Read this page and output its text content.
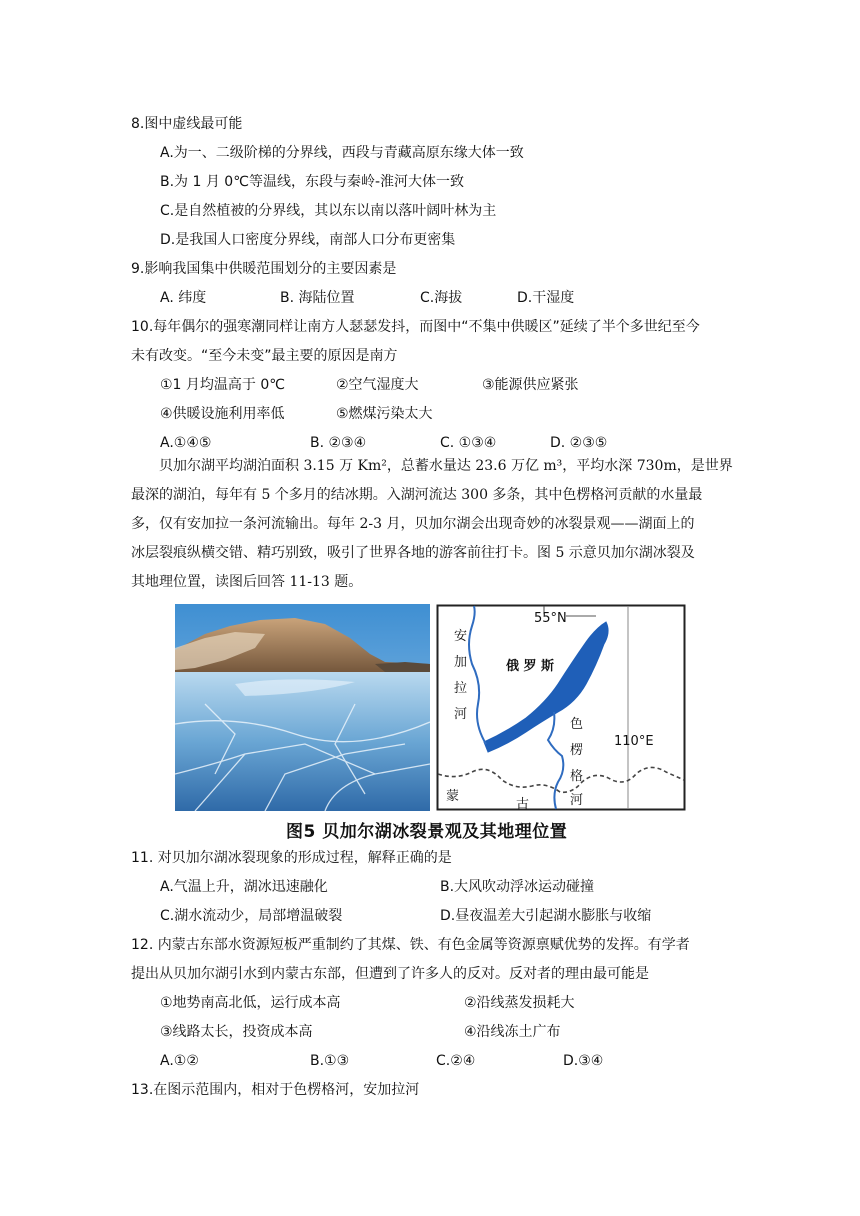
8.图中虚线最可能
A.为一、二级阶梯的分界线，西段与青藏高原东缘大体一致
B.为 1 月 0℃等温线，东段与秦岭-淮河大体一致
C.是自然植被的分界线，其以东以南以落叶阔叶林为主
D.是我国人口密度分界线，南部人口分布更密集
9.影响我国集中供暖范围划分的主要因素是
A. 纬度	B. 海陆位置	C.海拔	D.干湿度
10.每年偶尔的强寒潮同样让南方人瑟瑟发抖，而图中“不集中供暖区”延续了半个多世纪至今
未有改变。“至今未变”最主要的原因是南方
①1 月均温高于 0℃	②空气湿度大	③能源供应紧张
④供暖设施利用率低	⑤燃煤污染太大
A.①④⑤	B. ②③④	C. ①③④	D. ②③⑤
贝加尔湖平均湖泊面积 3.15 万 Km²，总蓄水量达 23.6 万亿 m³，平均水深 730m，是世界
最深的湖泊，每年有 5 个多月的结冰期。入湖河流达 300 多条，其中色楞格河贡献的水量最
多，仅有安加拉一条河流输出。每年 2-3 月，贝加尔湖会出现奇妙的冰裂景观——湖面上的
冰层裂痕纵横交错、精巧别致，吸引了世界各地的游客前往打卡。图 5 示意贝加尔湖冰裂及
其地理位置，读图后回答 11-13 题。
55°N
110°E
安
加
拉
河
俄 罗 斯
色
楞
格
河
蒙
古
图5 贝加尔湖冰裂景观及其地理位置
11. 对贝加尔湖冰裂现象的形成过程，解释正确的是
A.气温上升，湖冰迅速融化	B.大风吹动浮冰运动碰撞
C.湖水流动少，局部增温破裂	D.昼夜温差大引起湖水膨胀与收缩
12. 内蒙古东部水资源短板严重制约了其煤、铁、有色金属等资源禀赋优势的发挥。有学者
提出从贝加尔湖引水到内蒙古东部，但遭到了许多人的反对。反对者的理由最可能是
①地势南高北低，运行成本高	②沿线蒸发损耗大
③线路太长，投资成本高	④沿线冻土广布
A.①②	B.①③	C.②④	D.③④
13.在图示范围内，相对于色楞格河，安加拉河
